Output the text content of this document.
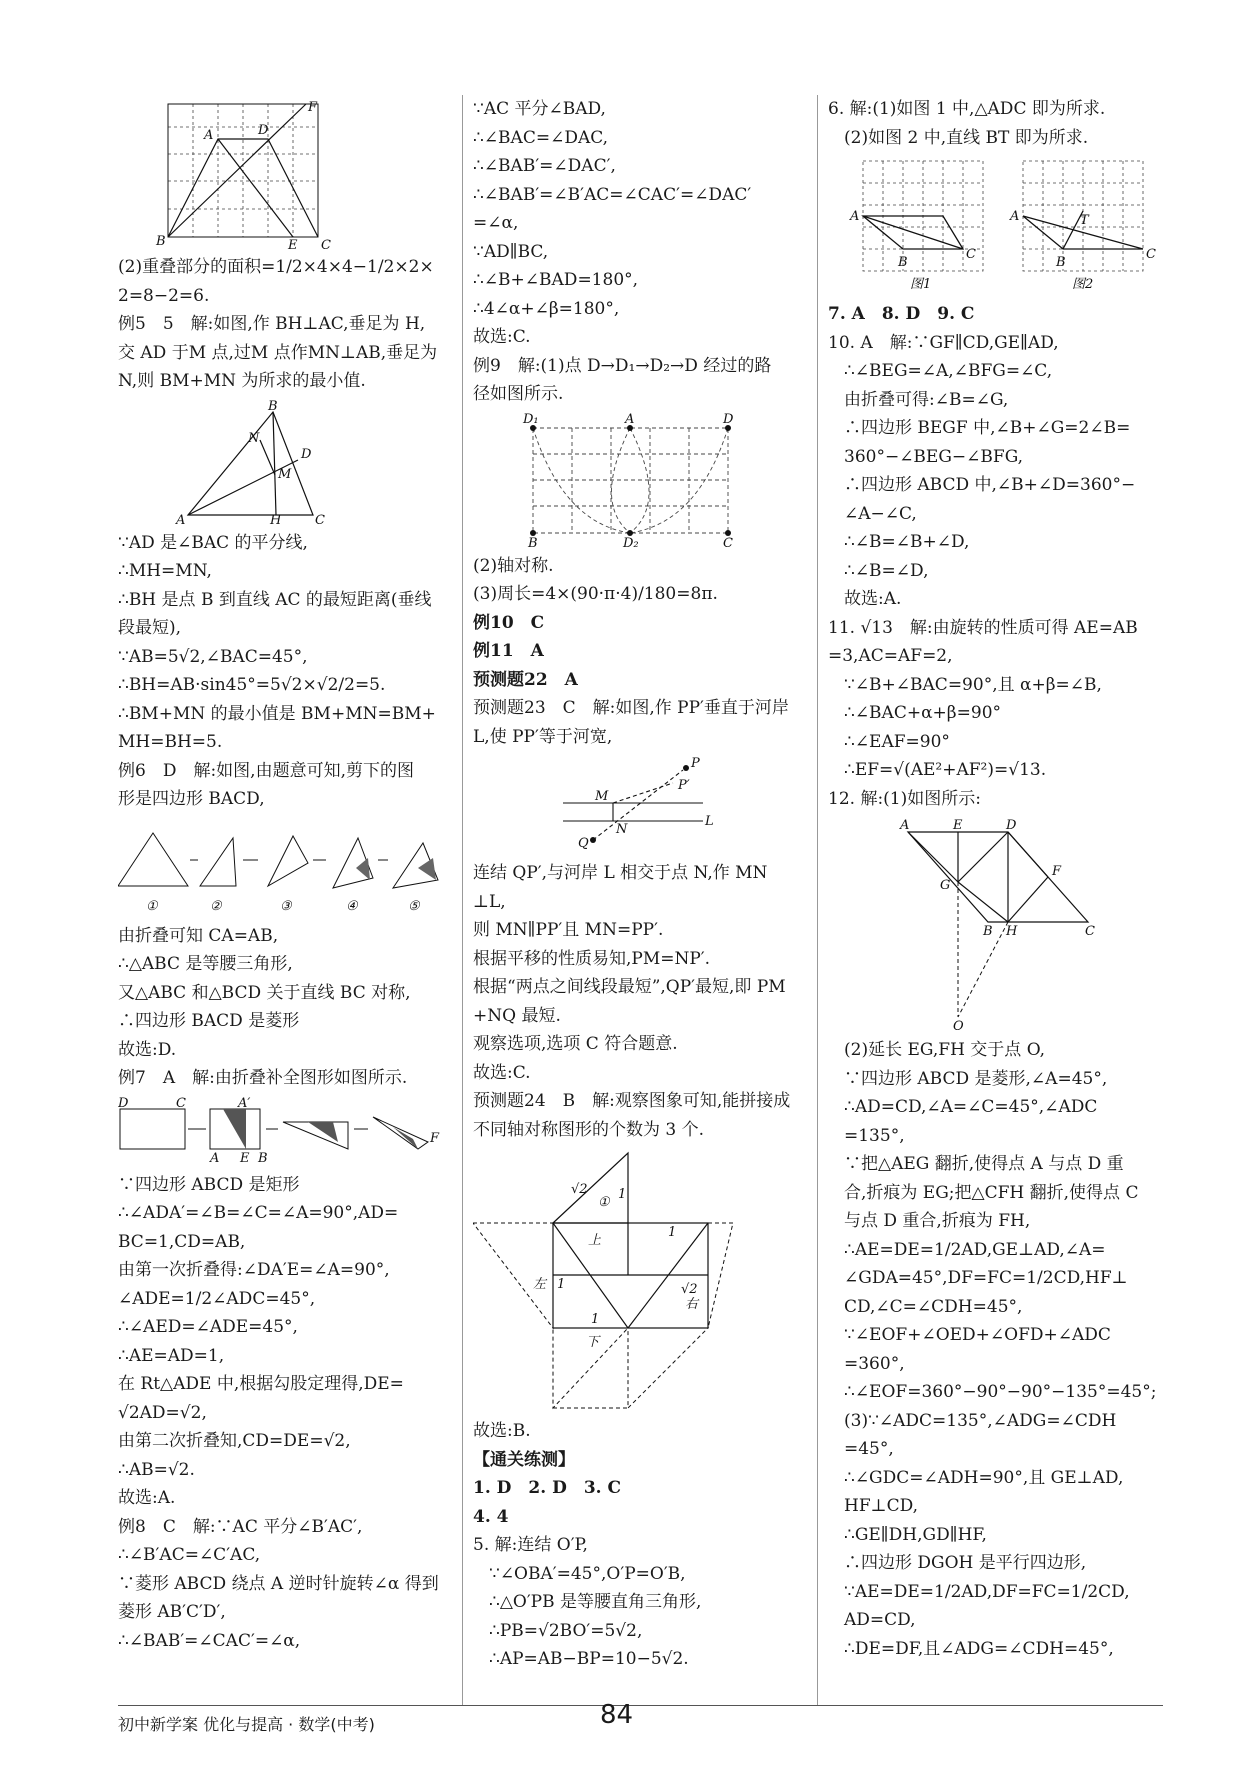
B
A	D
F
E C
(2)重叠部分的面积=1/2×4×4−1/2×2×
2=8−2=6.
例5　5　解:如图,作 BH⊥AC,垂足为 H,
交 AD 于M 点,过M 点作MN⊥AB,垂足为
N,则 BM+MN 为所求的最小值.
B
N
D
M
A	H	C
∵AD 是∠BAC 的平分线,
∴MH=MN,
∴BH 是点 B 到直线 AC 的最短距离(垂线
段最短),
∵AB=5√2,∠BAC=45°,
∴BH=AB·sin45°=5√2×√2/2=5.
∴BM+MN 的最小值是 BM+MN=BM+
MH=BH=5.
例6　D　解:如图,由题意可知,剪下的图
形是四边形 BACD,
①	②	③	④	⑤
由折叠可知 CA=AB,
∴△ABC 是等腰三角形,
又△ABC 和△BCD 关于直线 BC 对称,
∴四边形 BACD 是菱形
故选:D.
例7　A　解:由折叠补全图形如图所示.
D	C	A′
A	B
E
F
∵四边形 ABCD 是矩形
∴∠ADA′=∠B=∠C=∠A=90°,AD=
BC=1,CD=AB,
由第一次折叠得:∠DA′E=∠A=90°,
∠ADE=1/2∠ADC=45°,
∴∠AED=∠ADE=45°,
∴AE=AD=1,
在 Rt△ADE 中,根据勾股定理得,DE=
√2AD=√2,
由第二次折叠知,CD=DE=√2,
∴AB=√2.
故选:A.
例8　C　解:∵AC 平分∠B′AC′,
∴∠B′AC=∠C′AC,
∵菱形 ABCD 绕点 A 逆时针旋转∠α 得到
菱形 AB′C′D′,
∴∠BAB′=∠CAC′=∠α,
∵AC 平分∠BAD,
∴∠BAC=∠DAC,
∴∠BAB′=∠DAC′,
∴∠BAB′=∠B′AC=∠CAC′=∠DAC′
=∠α,
∵AD∥BC,
∴∠B+∠BAD=180°,
∴4∠α+∠β=180°,
故选:C.
例9　解:(1)点 D→D₁→D₂→D 经过的路
径如图所示.
D₁	A	D
B	D₂	C
(2)轴对称.
(3)周长=4×(90·π·4)/180=8π.
例10　C
例11　A
预测题22　A
预测题23　C　解:如图,作 PP′垂直于河岸
L,使 PP′等于河宽,
P
P′
M
N
L
Q
连结 QP′,与河岸 L 相交于点 N,作 MN
⊥L,
则 MN∥PP′且 MN=PP′.
根据平移的性质易知,PM=NP′.
根据“两点之间线段最短”,QP′最短,即 PM
+NQ 最短.
观察选项,选项 C 符合题意.
故选:C.
预测题24　B　解:观察图象可知,能拼接成
不同轴对称图形的个数为 3 个.
√2
①
1
上
1
左 1	√2
右
1
下
故选:B.
【通关练测】
1. D　2. D　3. C
4. 4
5. 解:连结 O′P,
∵∠OBA′=45°,O′P=O′B,
∴△O′PB 是等腰直角三角形,
∴PB=√2BO′=5√2,
∴AP=AB−BP=10−5√2.
6. 解:(1)如图 1 中,△ADC 即为所求.
(2)如图 2 中,直线 BT 即为所求.
A
B
C
图1
A	T
B
C
图2
7. A　8. D　9. C
10. A　解:∵GF∥CD,GE∥AD,
∴∠BEG=∠A,∠BFG=∠C,
由折叠可得:∠B=∠G,
∴四边形 BEGF 中,∠B+∠G=2∠B=
360°−∠BEG−∠BFG,
∴四边形 ABCD 中,∠B+∠D=360°−
∠A−∠C,
∴∠B=∠B+∠D,
∴∠B=∠D,
故选:A.
11. √13　解:由旋转的性质可得 AE=AB
=3,AC=AF=2,
∵∠B+∠BAC=90°,且 α+β=∠B,
∴∠BAC+α+β=90°
∴∠EAF=90°
∴EF=√(AE²+AF²)=√13.
12. 解:(1)如图所示:
A	E	D
F
G
B H	C
O
(2)延长 EG,FH 交于点 O,
∵四边形 ABCD 是菱形,∠A=45°,
∴AD=CD,∠A=∠C=45°,∠ADC
=135°,
∵把△AEG 翻折,使得点 A 与点 D 重
合,折痕为 EG;把△CFH 翻折,使得点 C
与点 D 重合,折痕为 FH,
∴AE=DE=1/2AD,GE⊥AD,∠A=
∠GDA=45°,DF=FC=1/2CD,HF⊥
CD,∠C=∠CDH=45°,
∵∠EOF+∠OED+∠OFD+∠ADC
=360°,
∴∠EOF=360°−90°−90°−135°=45°;
(3)∵∠ADC=135°,∠ADG=∠CDH
=45°,
∴∠GDC=∠ADH=90°,且 GE⊥AD,
HF⊥CD,
∴GE∥DH,GD∥HF,
∴四边形 DGOH 是平行四边形,
∵AE=DE=1/2AD,DF=FC=1/2CD,
AD=CD,
∴DE=DF,且∠ADG=∠CDH=45°,
初中新学案 优化与提高 · 数学(中考)	84
